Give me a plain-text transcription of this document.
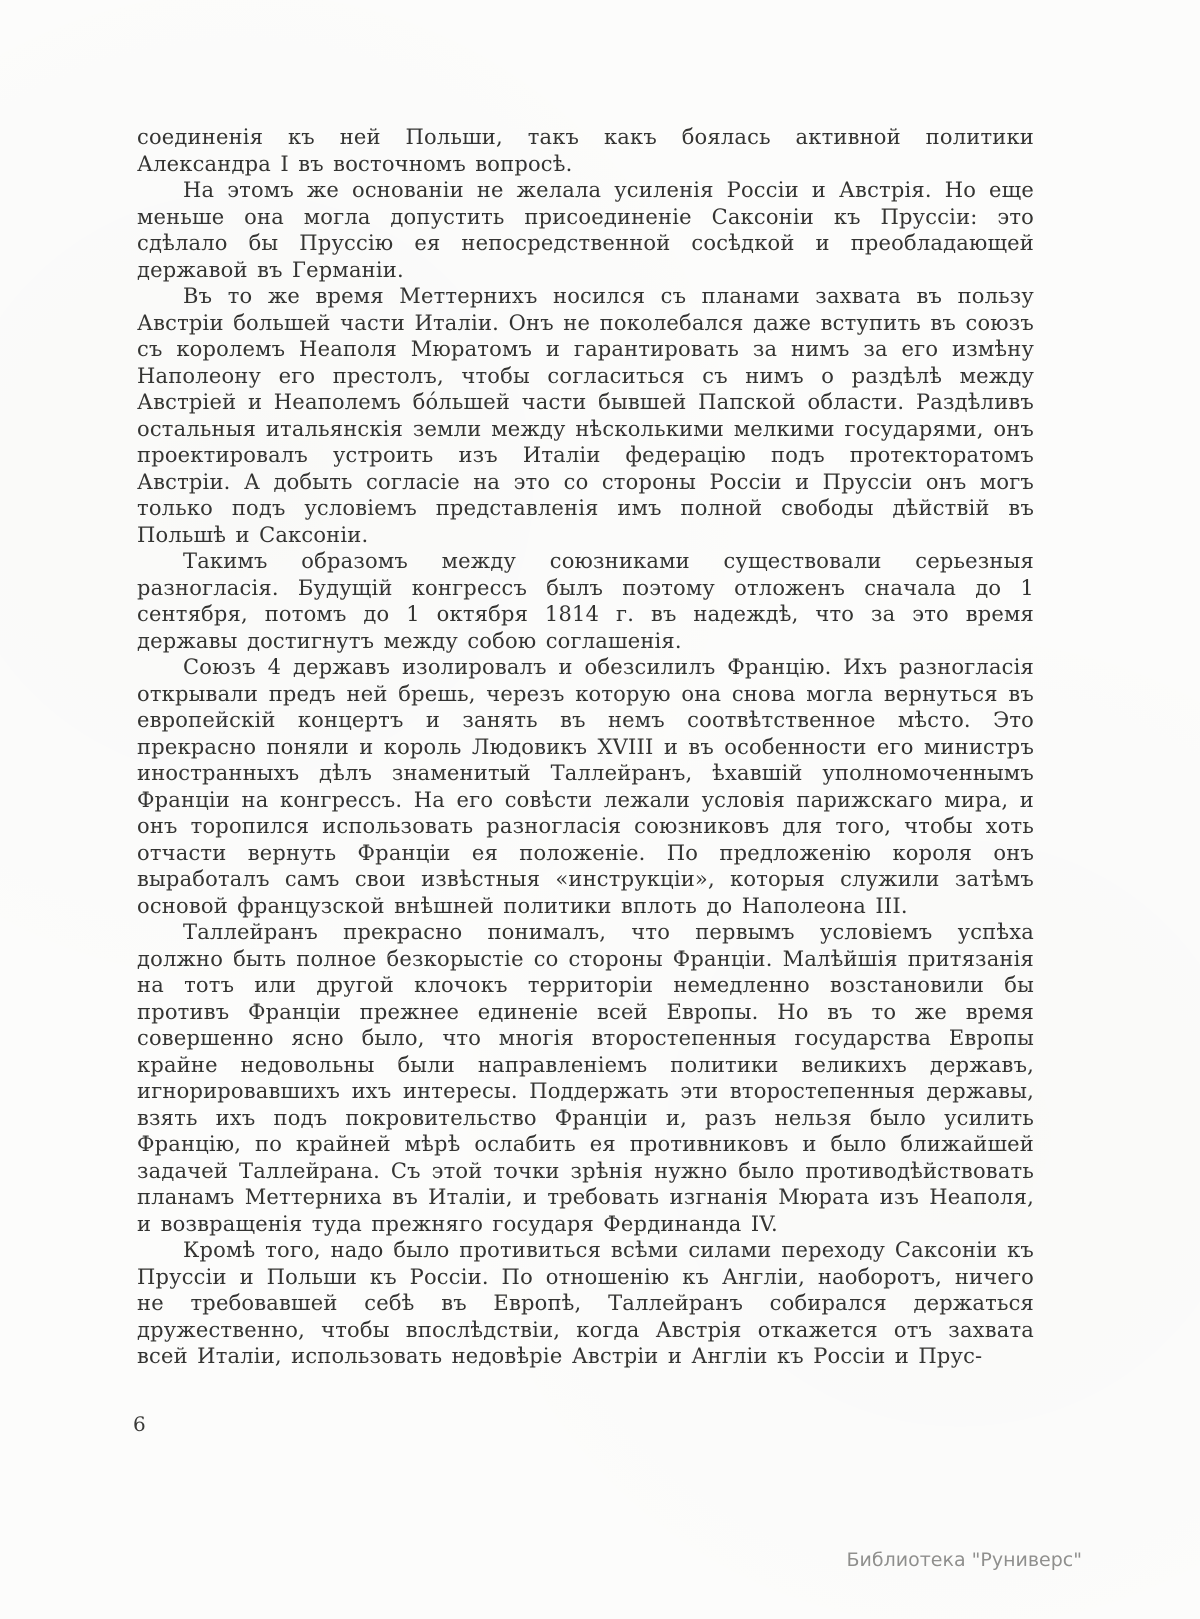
соединенія къ ней Польши, такъ какъ боялась активной политики Александра I въ восточномъ вопросѣ.

На этомъ же основаніи не желала усиленія Россіи и Австрія. Но еще меньше она могла допустить присоединеніе Саксоніи къ Пруссіи: это сдѣлало бы Пруссію ея непосредственной сосѣдкой и преобладающей державой въ Германіи.

Въ то же время Меттернихъ носился съ планами захвата въ пользу Австріи большей части Италіи. Онъ не поколебался даже вступить въ союзъ съ королемъ Неаполя Мюратомъ и гарантировать за нимъ за его измѣну Наполеону его престолъ, чтобы согласиться съ нимъ о раздѣлѣ между Австріей и Неаполемъ бо́льшей части бывшей Папской области. Раздѣливъ остальныя итальянскія земли между нѣсколькими мелкими государями, онъ проектировалъ устроить изъ Италіи федерацію подъ протекторатомъ Австріи. А добыть согласіе на это со стороны Россіи и Пруссіи онъ могъ только подъ условіемъ представленія имъ полной свободы дѣйствій въ Польшѣ и Саксоніи.

Такимъ образомъ между союзниками существовали серьезныя разногласія. Будущій конгрессъ былъ поэтому отложенъ сначала до 1 сентября, потомъ до 1 октября 1814 г. въ надеждѣ, что за это время державы достигнутъ между собою соглашенія.

Союзъ 4 державъ изолировалъ и обезсилилъ Францію. Ихъ разногласія открывали предъ ней брешь, черезъ которую она снова могла вернуться въ европейскій концертъ и занять въ немъ соотвѣтственное мѣсто. Это прекрасно поняли и король Людовикъ XVIII и въ особенности его министръ иностранныхъ дѣлъ знаменитый Таллейранъ, ѣхавшій уполномоченнымъ Франціи на конгрессъ. На его совѣсти лежали условія парижскаго мира, и онъ торопился использовать разногласія союзниковъ для того, чтобы хоть отчасти вернуть Франціи ея положеніе. По предложенію короля онъ выработалъ самъ свои извѣстныя «инструкціи», которыя служили затѣмъ основой французской внѣшней политики вплоть до Наполеона III.

Таллейранъ прекрасно понималъ, что первымъ условіемъ успѣха должно быть полное безкорыстіе со стороны Франціи. Малѣйшія притязанія на тотъ или другой клочокъ территоріи немедленно возстановили бы противъ Франціи прежнее единеніе всей Европы. Но въ то же время совершенно ясно было, что многія второстепенныя государства Европы крайне недовольны были направленіемъ политики великихъ державъ, игнорировавшихъ ихъ интересы. Поддержать эти второстепенныя державы, взять ихъ подъ покровительство Франціи и, разъ нельзя было усилить Францію, по крайней мѣрѣ ослабить ея противниковъ и было ближайшей задачей Таллейрана. Съ этой точки зрѣнія нужно было противодѣйствовать планамъ Меттерниха въ Италіи, и требовать изгнанія Мюрата изъ Неаполя, и возвращенія туда прежняго государя Фердинанда IV.

Кромѣ того, надо было противиться всѣми силами переходу Саксоніи къ Пруссіи и Польши къ Россіи. По отношенію къ Англіи, наоборотъ, ничего не требовавшей себѣ въ Европѣ, Таллейранъ собирался держаться дружественно, чтобы впослѣдствіи, когда Австрія откажется отъ захвата всей Италіи, использовать недовѣріе Австріи и Англіи къ Россіи и Прус-

6
Библиотека "Руниверс"
